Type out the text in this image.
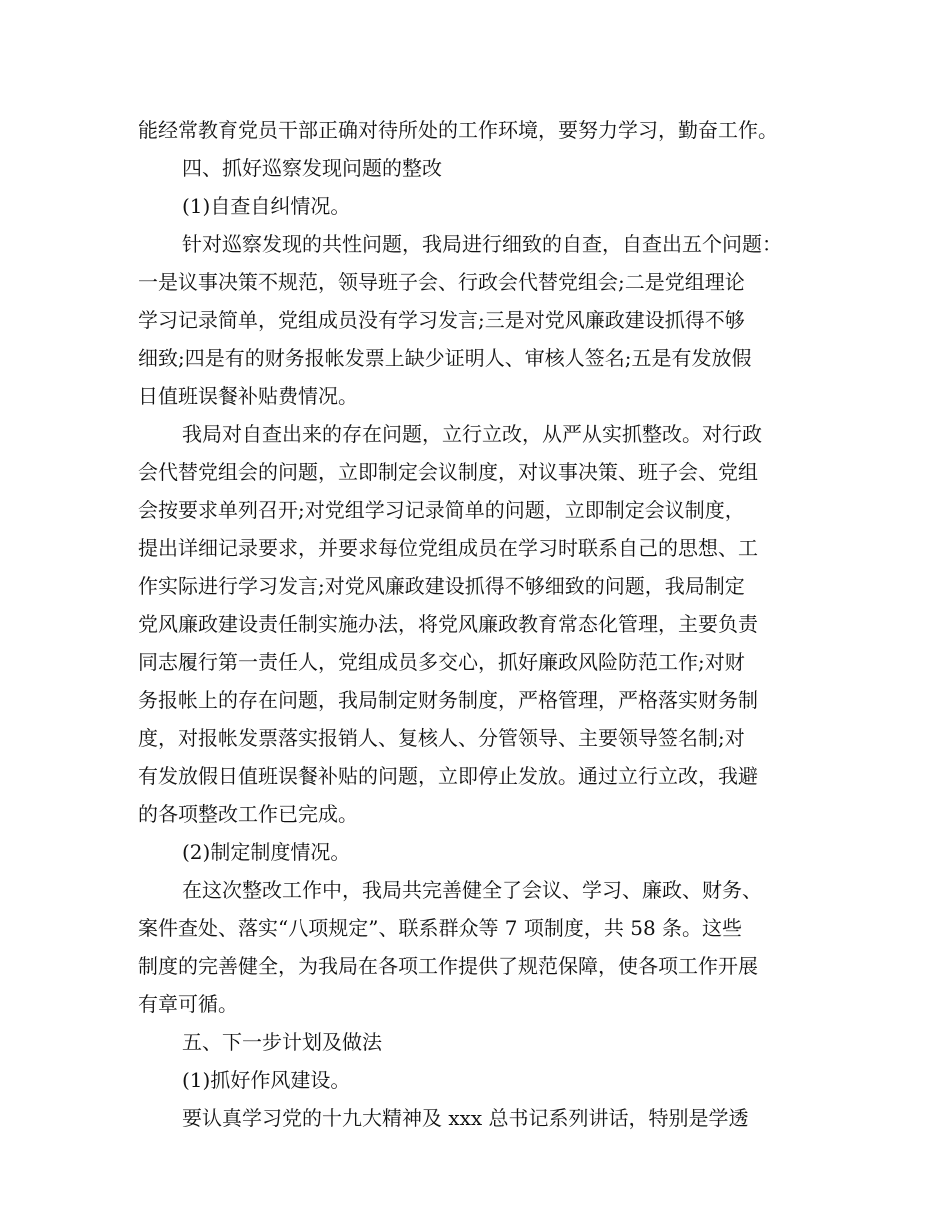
能经常教育党员干部正确对待所处的工作环境，要努力学习，勤奋工作。

四、抓好巡察发现问题的整改

(1)自查自纠情况。

针对巡察发现的共性问题，我局进行细致的自查，自查出五个问题：

一是议事决策不规范，领导班子会、行政会代替党组会;二是党组理论

学习记录简单，党组成员没有学习发言;三是对党风廉政建设抓得不够

细致;四是有的财务报帐发票上缺少证明人、审核人签名;五是有发放假

日值班误餐补贴费情况。

我局对自查出来的存在问题，立行立改，从严从实抓整改。对行政

会代替党组会的问题，立即制定会议制度，对议事决策、班子会、党组

会按要求单列召开;对党组学习记录简单的问题，立即制定会议制度，

提出详细记录要求，并要求每位党组成员在学习时联系自己的思想、工

作实际进行学习发言;对党风廉政建设抓得不够细致的问题，我局制定

党风廉政建设责任制实施办法，将党风廉政教育常态化管理，主要负责

同志履行第一责任人，党组成员多交心，抓好廉政风险防范工作;对财

务报帐上的存在问题，我局制定财务制度，严格管理，严格落实财务制

度，对报帐发票落实报销人、复核人、分管领导、主要领导签名制;对

有发放假日值班误餐补贴的问题，立即停止发放。通过立行立改，我避

的各项整改工作已完成。

(2)制定制度情况。

在这次整改工作中，我局共完善健全了会议、学习、廉政、财务、

案件查处、落实“八项规定”、联系群众等 7 项制度，共 58 条。这些

制度的完善健全，为我局在各项工作提供了规范保障，使各项工作开展

有章可循。

五、下一步计划及做法

(1)抓好作风建设。

要认真学习党的十九大精神及 xxx 总书记系列讲话，特别是学透
